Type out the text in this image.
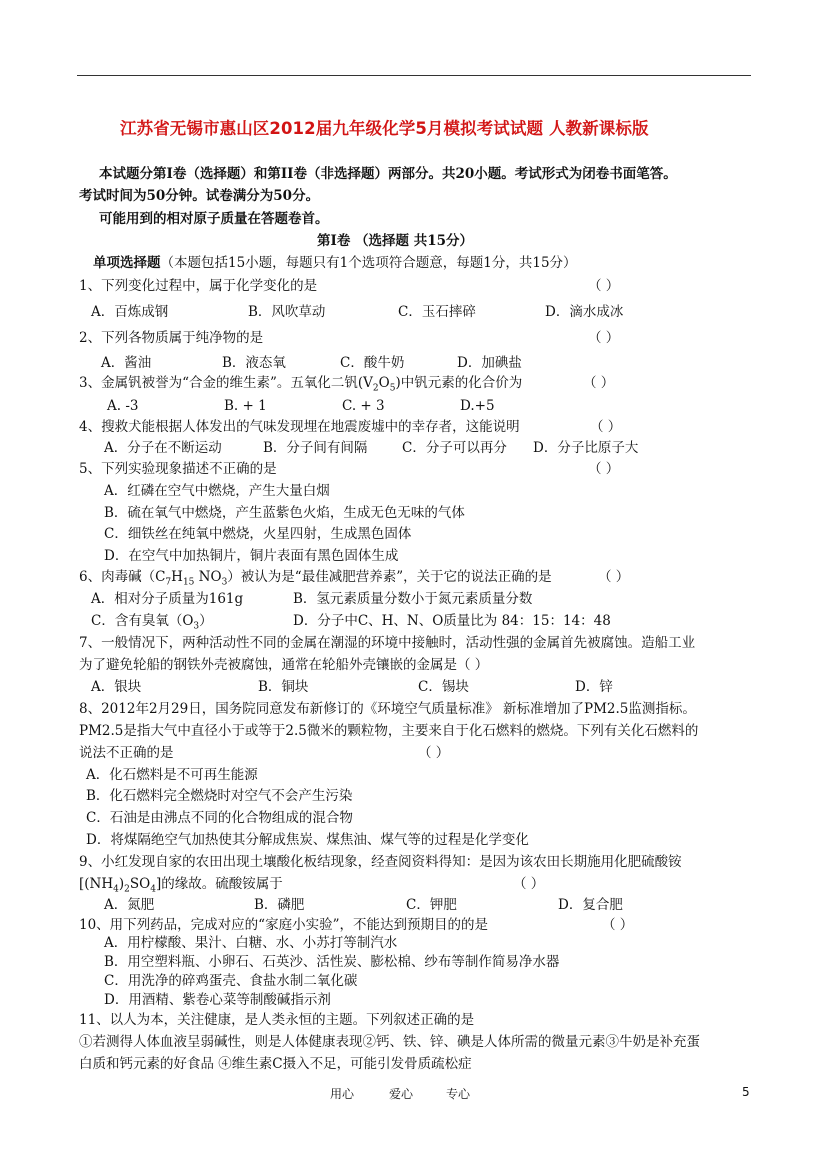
江苏省无锡市惠山区2012届九年级化学5月模拟考试试题 人教新课标版
本试题分第Ⅰ卷（选择题）和第II卷（非选择题）两部分。共20小题。考试形式为闭卷书面笔答。
考试时间为50分钟。试卷满分为50分。
可能用到的相对原子质量在答题卷首。
第Ⅰ卷 （选择题 共15分）
单项选择题（本题包括15小题，每题只有1个选项符合题意，每题1分，共15分）
1、下列变化过程中，属于化学变化的是	（ ）
A．百炼成钢	B．风吹草动	C．玉石摔碎	D．滴水成冰
2、下列各物质属于纯净物的是	（ ）
A．酱油	B．液态氧	C．酸牛奶	D．加碘盐
3、金属钒被誉为“合金的维生素”。五氧化二钒$(V_2O_5)$中钒元素的化合价为	（ ）
A. -3	B. + 1	C. + 3	D.+5
4、搜救犬能根据人体发出的气味发现埋在地震废墟中的幸存者，这能说明	（ ）
A．分子在不断运动	B．分子间有间隔	C．分子可以再分 D．分子比原子大
5、下列实验现象描述不正确的是	（ ）
A．红磷在空气中燃烧，产生大量白烟
B．硫在氧气中燃烧，产生蓝紫色火焰，生成无色无味的气体
C．细铁丝在纯氧中燃烧，火星四射，生成黑色固体
D．在空气中加热铜片，铜片表面有黑色固体生成
6、肉毒碱（$C_7H_{15}$ $NO_3$）被认为是“最佳减肥营养素”，关于它的说法正确的是	（ ）
A．相对分子质量为161g	B．氢元素质量分数小于氮元素质量分数
C．含有臭氧$(O_3)$	D．分子中C、H、N、O质量比为 84：15：14：48
7、一般情况下，两种活动性不同的金属在潮湿的环境中接触时，活动性强的金属首先被腐蚀。造船工业
为了避免轮船的钢铁外壳被腐蚀，通常在轮船外壳镶嵌的金属是（ ）
A．银块	B．铜块	C．锡块	D．锌
8、2012年2月29日，国务院同意发布新修订的《环境空气质量标准》 新标准增加了PM2.5监测指标。
PM2.5是指大气中直径小于或等于2.5微米的颗粒物，主要来自于化石燃料的燃烧。下列有关化石燃料的
说法不正确的是	（ ）
A．化石燃料是不可再生能源
B．化石燃料完全燃烧时对空气不会产生污染
C．石油是由沸点不同的化合物组成的混合物
D．将煤隔绝空气加热使其分解成焦炭、煤焦油、煤气等的过程是化学变化
9、小红发现自家的农田出现土壤酸化板结现象，经查阅资料得知：是因为该农田长期施用化肥硫酸铵
$[(NH_4)_2SO_4]$的缘故。硫酸铵属于	（ ）
A．氮肥	B．磷肥	C．钾肥	D．复合肥
10、用下列药品，完成对应的“家庭小实验”，不能达到预期目的的是	（ ）
A．用柠檬酸、果汁、白糖、水、小苏打等制汽水
B．用空塑料瓶、小卵石、石英沙、活性炭、膨松棉、纱布等制作简易净水器
C．用洗净的碎鸡蛋壳、食盐水制二氧化碳
D．用酒精、紫卷心菜等制酸碱指示剂
11、以人为本，关注健康，是人类永恒的主题。下列叙述正确的是
①若测得人体血液呈弱碱性，则是人体健康表现②钙、铁、锌、碘是人体所需的微量元素③牛奶是补充蛋
白质和钙元素的好食品 ④维生素C摄入不足，可能引发骨质疏松症
用心	爱心	专心	5
